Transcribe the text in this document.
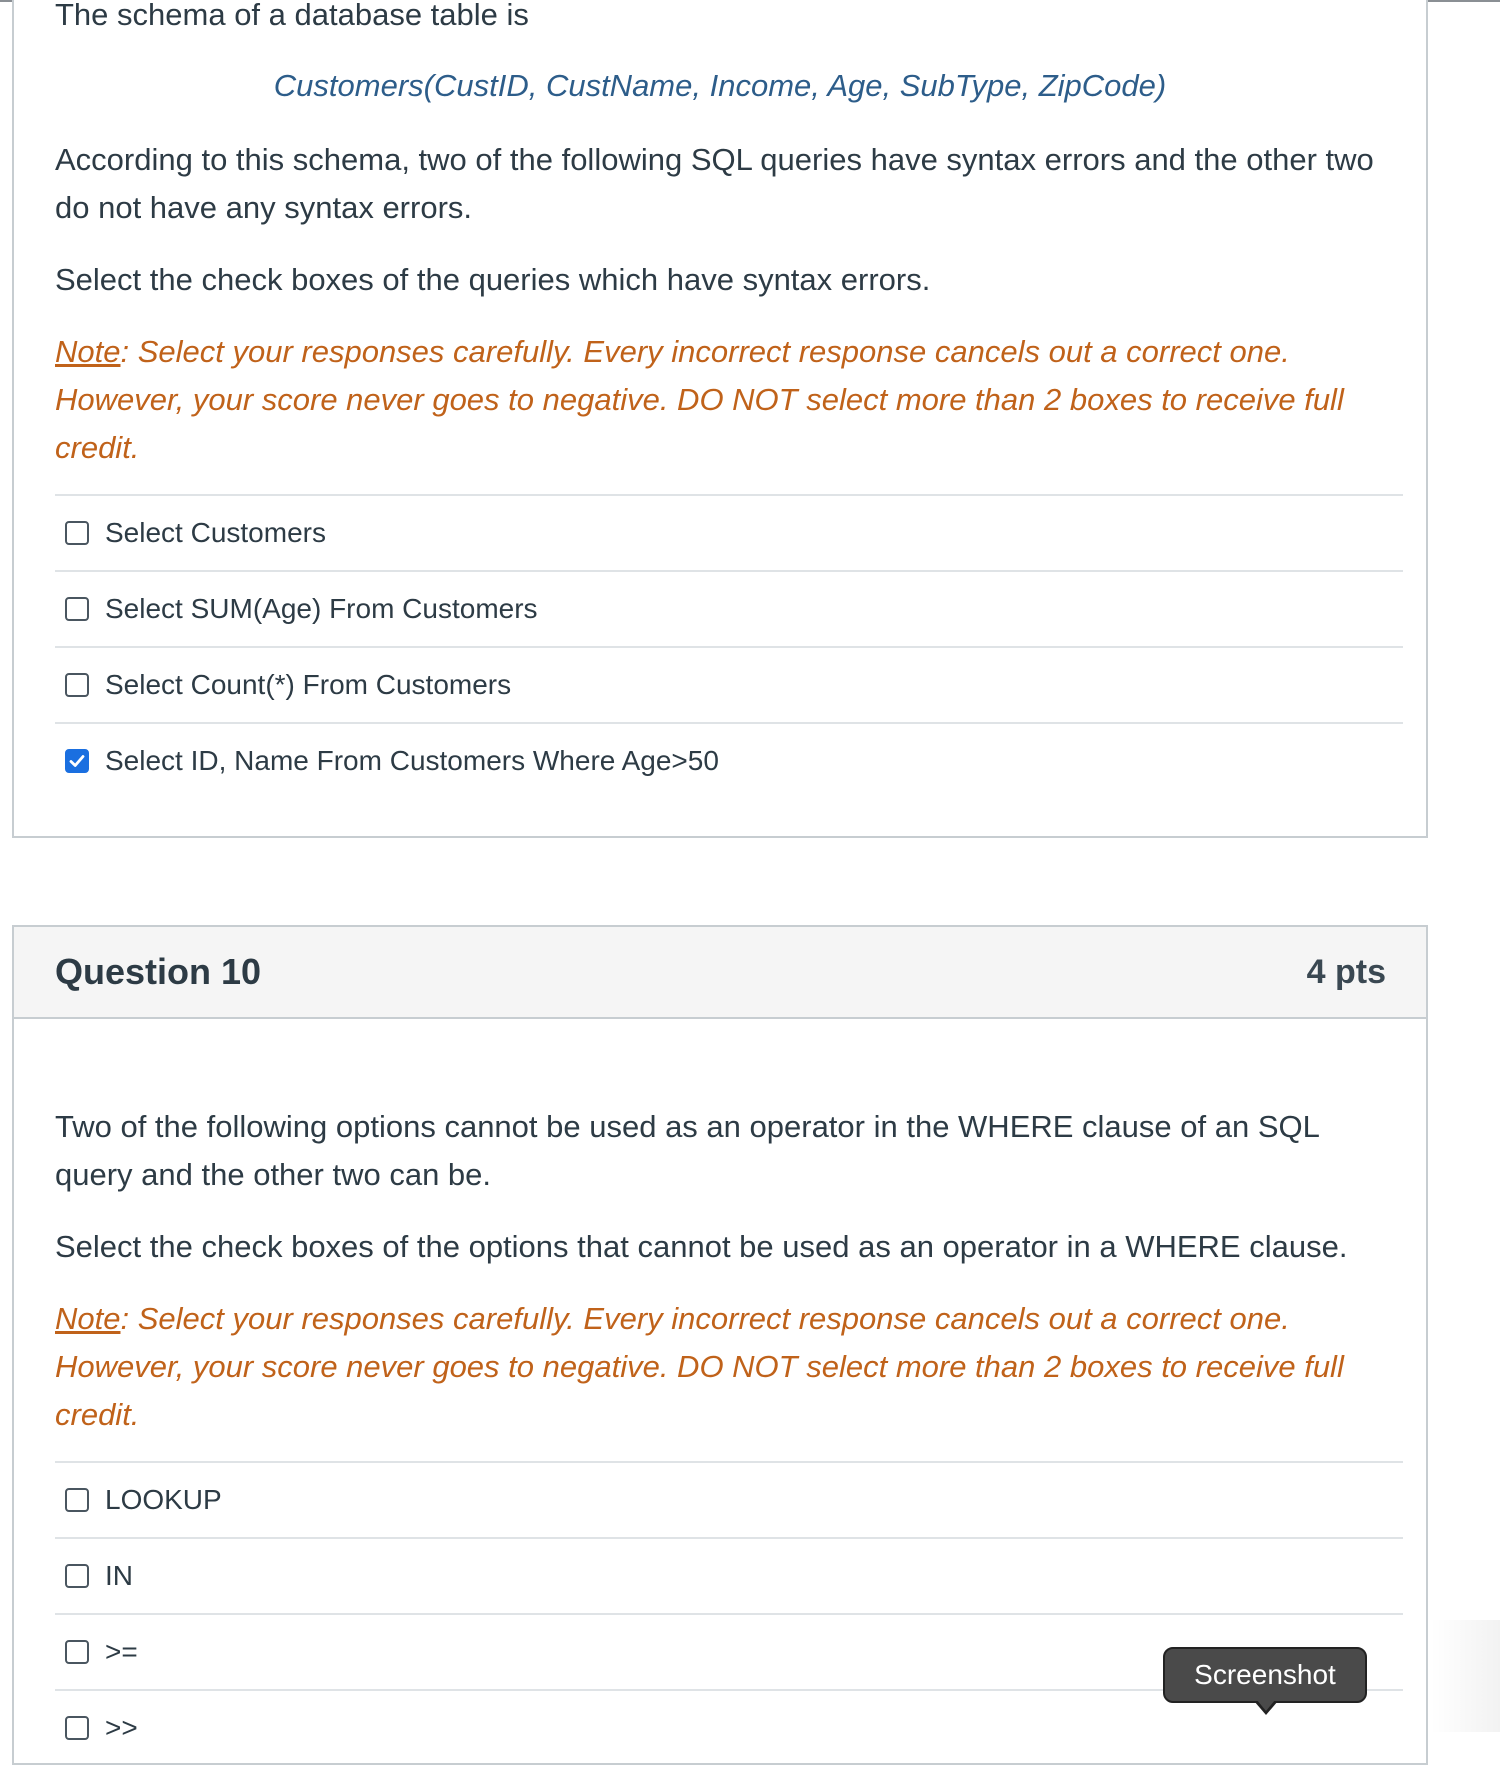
The schema of a database table is
Customers(CustID, CustName, Income, Age, SubType, ZipCode)
According to this schema, two of the following SQL queries have syntax errors and the other two do not have any syntax errors.
Select the check boxes of the queries which have syntax errors.
Note: Select your responses carefully. Every incorrect response cancels out a correct one. However, your score never goes to negative. DO NOT select more than 2 boxes to receive full credit.
Select Customers
Select SUM(Age) From Customers
Select Count(*) From Customers
Select ID, Name From Customers Where Age>50
Question 10	4 pts
Two of the following options cannot be used as an operator in the WHERE clause of an SQL query and the other two can be.
Select the check boxes of the options that cannot be used as an operator in a WHERE clause.
Note: Select your responses carefully. Every incorrect response cancels out a correct one. However, your score never goes to negative. DO NOT select more than 2 boxes to receive full credit.
LOOKUP
IN
>=
>>
Screenshot
